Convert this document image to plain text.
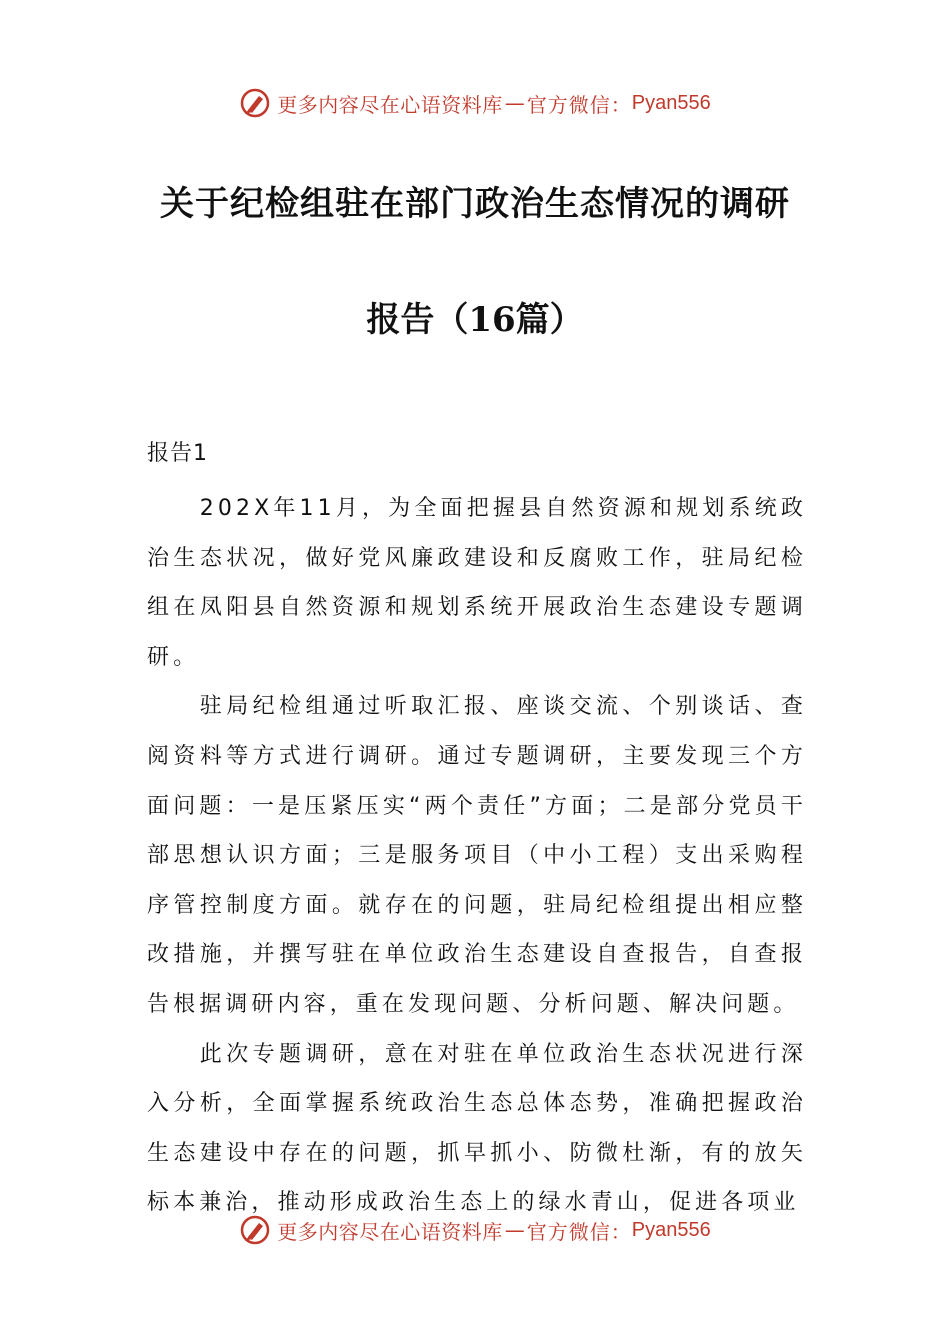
更多内容尽在心语资料库 — 官方微信： Pyan556
关于纪检组驻在部门政治生态情况的调研
报告（16篇）
报告1

202X年11月，为全面把握县自然资源和规划系统政治生态状况，做好党风廉政建设和反腐败工作，驻局纪检组在凤阳县自然资源和规划系统开展政治生态建设专题调研。

驻局纪检组通过听取汇报、座谈交流、个别谈话、查阅资料等方式进行调研。通过专题调研，主要发现三个方面问题：一是压紧压实“两个责任”方面；二是部分党员干部思想认识方面；三是服务项目（中小工程）支出采购程序管控制度方面。就存在的问题，驻局纪检组提出相应整改措施，并撰写驻在单位政治生态建设自查报告，自查报告根据调研内容，重在发现问题、分析问题、解决问题。

此次专题调研，意在对驻在单位政治生态状况进行深入分析，全面掌握系统政治生态总体态势，准确把握政治生态建设中存在的问题，抓早抓小、防微杜渐，有的放矢标本兼治，推动形成政治生态上的绿水青山，促进各项业

更多内容尽在心语资料库 — 官方微信： Pyan556
